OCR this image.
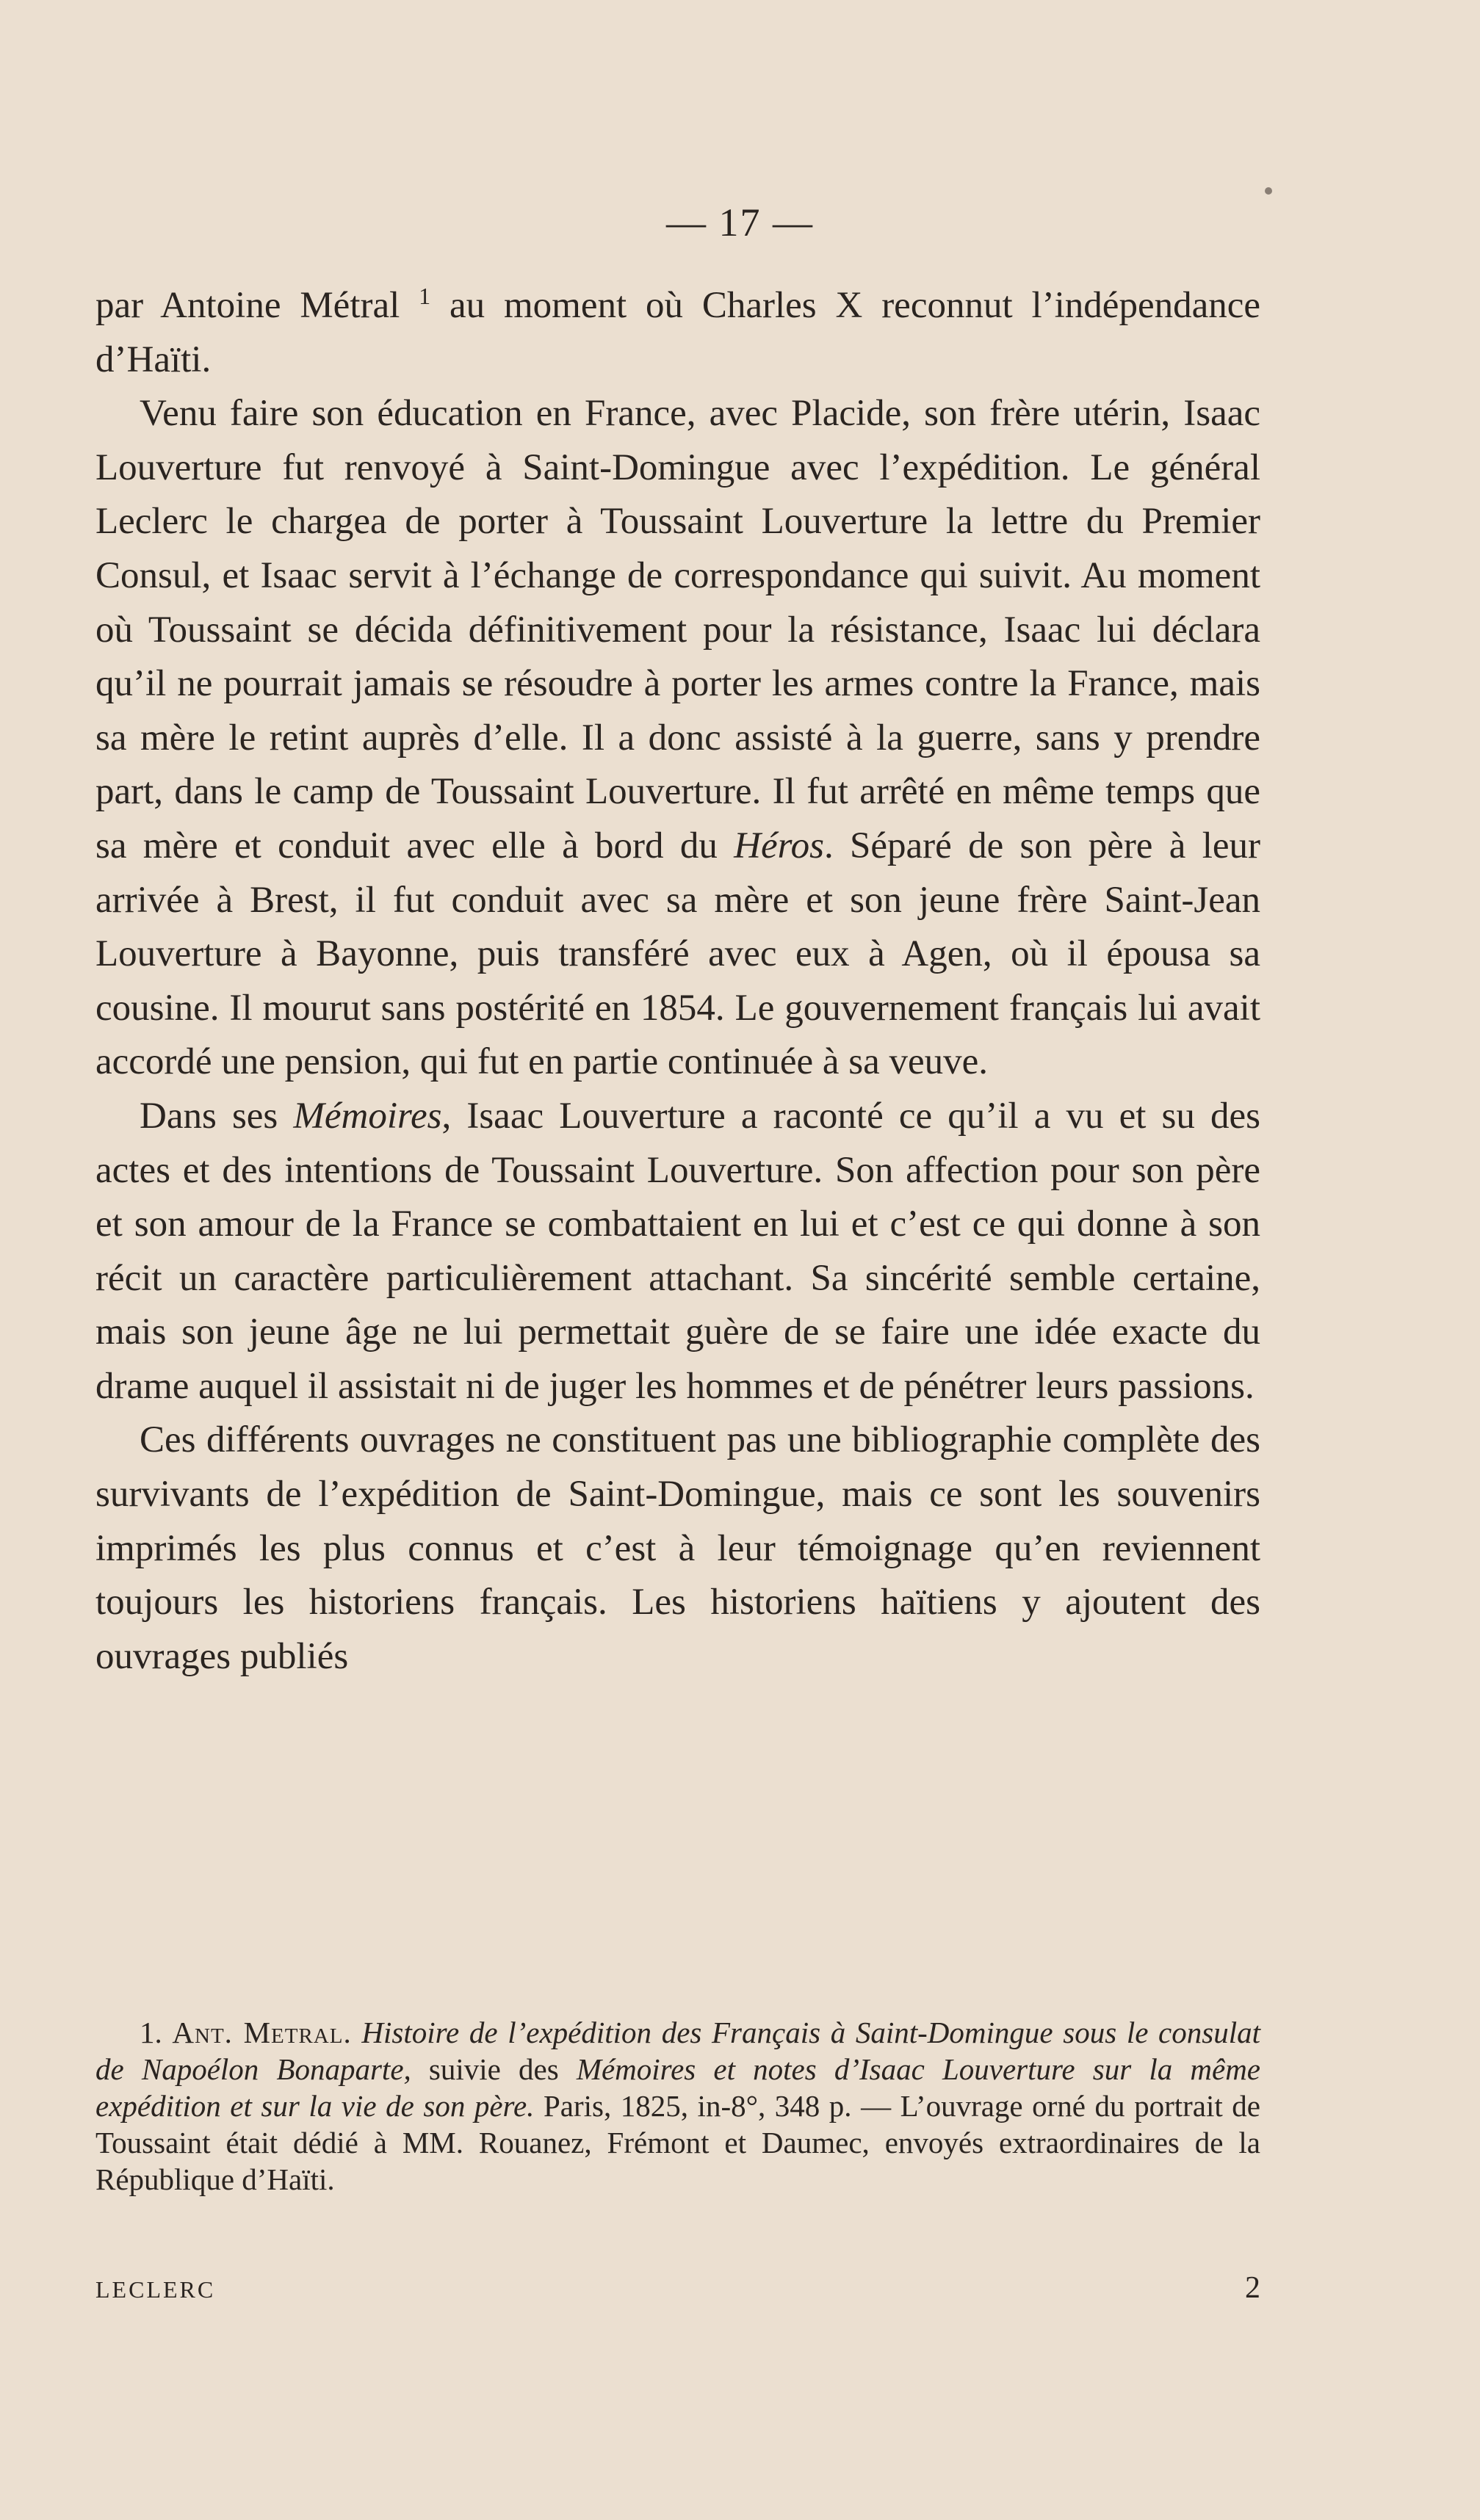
— 17 —

par Antoine Métral $^1$ au moment où Charles X reconnut l’indépendance d’Haïti.

Venu faire son éducation en France, avec Placide, son frère utérin, Isaac Louverture fut renvoyé à Saint-Domingue avec l’expédition. Le général Leclerc le chargea de porter à Toussaint Louverture la lettre du Premier Consul, et Isaac servit à l’échange de correspondance qui suivit. Au moment où Toussaint se décida définitivement pour la résistance, Isaac lui déclara qu’il ne pourrait jamais se résoudre à porter les armes contre la France, mais sa mère le retint auprès d’elle. Il a donc assisté à la guerre, sans y prendre part, dans le camp de Toussaint Louverture. Il fut arrêté en même temps que sa mère et conduit avec elle à bord du Héros. Séparé de son père à leur arrivée à Brest, il fut conduit avec sa mère et son jeune frère Saint-Jean Louverture à Bayonne, puis transféré avec eux à Agen, où il épousa sa cousine. Il mourut sans postérité en 1854. Le gouvernement français lui avait accordé une pension, qui fut en partie continuée à sa veuve.

Dans ses Mémoires, Isaac Louverture a raconté ce qu’il a vu et su des actes et des intentions de Toussaint Louverture. Son affection pour son père et son amour de la France se combattaient en lui et c’est ce qui donne à son récit un caractère particulièrement attachant. Sa sincérité semble certaine, mais son jeune âge ne lui permettait guère de se faire une idée exacte du drame auquel il assistait ni de juger les hommes et de pénétrer leurs passions.

Ces différents ouvrages ne constituent pas une bibliographie complète des survivants de l’expédition de Saint-Domingue, mais ce sont les souvenirs imprimés les plus connus et c’est à leur témoignage qu’en reviennent toujours les historiens français. Les historiens haïtiens y ajoutent des ouvrages publiés

1. Ant. Metral. Histoire de l’expédition des Français à Saint-Domingue sous le consulat de Napoélon Bonaparte, suivie des Mémoires et notes d’Isaac Louverture sur la même expédition et sur la vie de son père. Paris, 1825, in-8°, 348 p. — L’ouvrage orné du portrait de Toussaint était dédié à MM. Rouanez, Frémont et Daumec, envoyés extraordinaires de la République d’Haïti.

LECLERC	2
